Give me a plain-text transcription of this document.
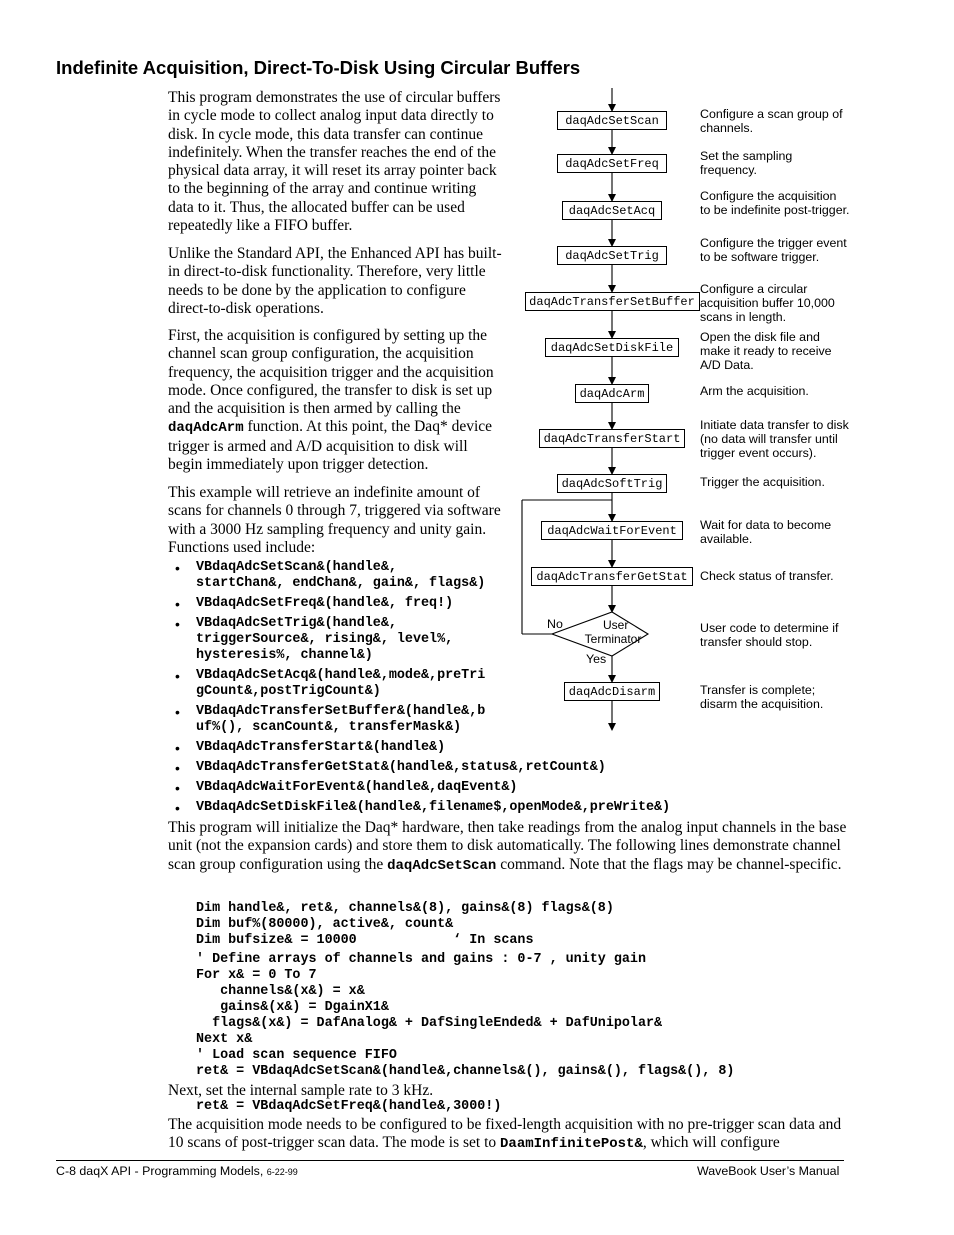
Indefinite Acquisition, Direct-To-Disk Using Circular Buffers

This program demonstrates the use of circular buffers in cycle mode to collect analog input data directly to disk. In cycle mode, this data transfer can continue indefinitely. When the transfer reaches the end of the physical data array, it will reset its array pointer back to the beginning of the array and continue writing data to it. Thus, the allocated buffer can be used repeatedly like a FIFO buffer.

Unlike the Standard API, the Enhanced API has built-in direct-to-disk functionality. Therefore, very little needs to be done by the application to configure direct-to-disk operations.

First, the acquisition is configured by setting up the channel scan group configuration, the acquisition frequency, the acquisition trigger and the acquisition mode. Once configured, the transfer to disk is set up and the acquisition is then armed by calling the daqAdcArm function. At this point, the Daq* device trigger is armed and A/D acquisition to disk will begin immediately upon trigger detection.

This example will retrieve an indefinite amount of scans for channels 0 through 7, triggered via software with a 3000 Hz sampling frequency and unity gain. Functions used include:

• VBdaqAdcSetScan&(handle&,
startChan&, endChan&, gain&, flags&)
• VBdaqAdcSetFreq&(handle&, freq!)
• VBdaqAdcSetTrig&(handle&,
triggerSource&, rising&, level%,
hysteresis%, channel&)
• VBdaqAdcSetAcq&(handle&,mode&,preTri
gCount&,postTrigCount&)
• VBdaqAdcTransferSetBuffer&(handle&,b
uf%(), scanCount&, transferMask&)
• VBdaqAdcTransferStart&(handle&)
• VBdaqAdcTransferGetStat&(handle&,status&,retCount&)
• VBdaqAdcWaitForEvent&(handle&,daqEvent&)
• VBdaqAdcSetDiskFile&(handle&,filename$,openMode&,preWrite&)

This program will initialize the Daq* hardware, then take readings from the analog input channels in the base unit (not the expansion cards) and store them to disk automatically. The following lines demonstrate channel scan group configuration using the daqAdcSetScan command. Note that the flags may be channel-specific.

Dim handle&, ret&, channels&(8), gains&(8) flags&(8)
Dim buf%(80000), active&, count&
Dim bufsize& = 10000            ‘ In scans
' Define arrays of channels and gains : 0-7 , unity gain
For x& = 0 To 7
channels&(x&) = x&
gains&(x&) = DgainX1&
flags&(x&) = DafAnalog& + DafSingleEnded& + DafUnipolar&
Next x&
' Load scan sequence FIFO
ret& = VBdaqAdcSetScan&(handle&,channels&(), gains&(), flags&(), 8)

Next, set the internal sample rate to 3 kHz.

ret& = VBdaqAdcSetFreq&(handle&,3000!)

The acquisition mode needs to be configured to be fixed-length acquisition with no pre-trigger scan data and 10 scans of post-trigger scan data. The mode is set to DaamInfinitePost&, which will configure

daqAdcSetScan	Configure a scan group of channels.
daqAdcSetFreq
Set the sampling frequency.
daqAdcSetAcq
Configure the acquisition to be indefinite post-trigger.
daqAdcSetTrig
Configure the trigger event to be software trigger.
daqAdcTransferSetBuffer
Configure a circular acquisition buffer 10,000 scans in length.
daqAdcSetDiskFile
Open the disk file and make it ready to receive A/D Data.
daqAdcArm	Arm the acquisition.
daqAdcTransferStart
Initiate data transfer to disk (no data will transfer until trigger event occurs).
daqAdcSoftTrig	Trigger the acquisition.
daqAdcWaitForEvent	Wait for data to become available.
daqAdcTransferGetStat Check status of transfer.
daqAdcDisarm	Transfer is complete; disarm the acquisition.
User
Terminator
No
Yes
User code to determine if transfer should stop.
C-8 daqX API - Programming Models, 6-22-99	WaveBook User’s Manual
